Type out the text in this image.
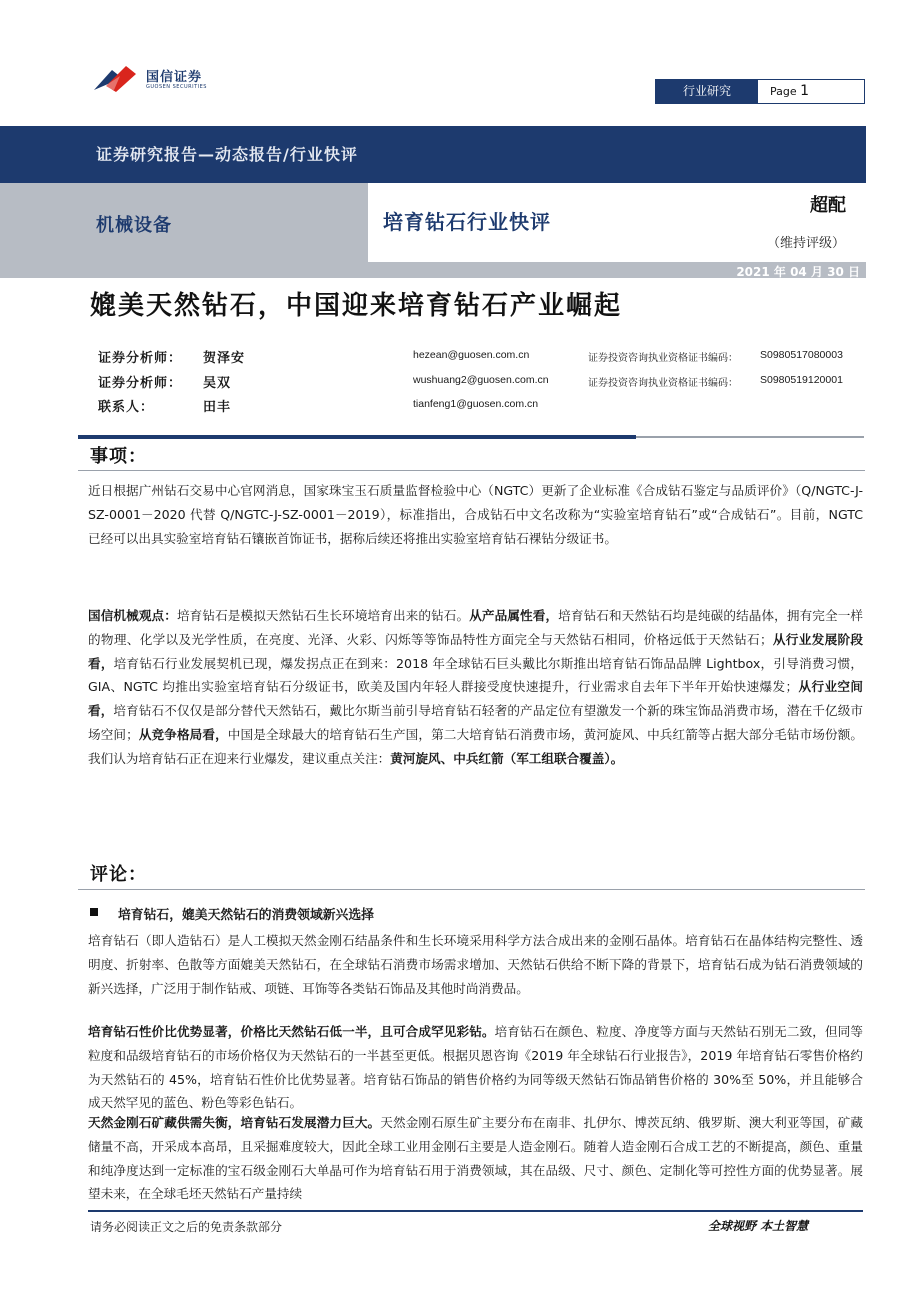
国信证券
GUOSEN SECURITIES	行业研究	Page 1
证券研究报告—动态报告/行业快评
机械设备	培育钻石行业快评
超配
（维持评级）
2021 年 04 月 30 日
媲美天然钻石，中国迎来培育钻石产业崛起
证券分析师： 贺泽安	hezean@guosen.com.cn	证券投资咨询执业资格证书编码： S0980517080003
证券分析师： 吴双	wushuang2@guosen.com.cn	证券投资咨询执业资格证书编码： S0980519120001
联系人：	田丰	tianfeng1@guosen.com.cn
事项：
近日根据广州钻石交易中心官网消息，国家珠宝玉石质量监督检验中心（NGTC）更新了企业标准《合成钻石鉴定与品质评价》（Q/NGTC-J-SZ-0001－2020 代替 Q/NGTC-J-SZ-0001－2019），标准指出，合成钻石中文名改称为“实验室培育钻石”或“合成钻石”。目前，NGTC 已经可以出具实验室培育钻石镶嵌首饰证书，据称后续还将推出实验室培育钻石裸钻分级证书。
国信机械观点：培育钻石是模拟天然钻石生长环境培育出来的钻石。从产品属性看，培育钻石和天然钻石均是纯碳的结晶体，拥有完全一样的物理、化学以及光学性质，在亮度、光泽、火彩、闪烁等等饰品特性方面完全与天然钻石相同，价格远低于天然钻石；从行业发展阶段看，培育钻石行业发展契机已现，爆发拐点正在到来：2018 年全球钻石巨头戴比尔斯推出培育钻石饰品品牌 Lightbox，引导消费习惯，GIA、NGTC 均推出实验室培育钻石分级证书，欧美及国内年轻人群接受度快速提升，行业需求自去年下半年开始快速爆发；从行业空间看，培育钻石不仅仅是部分替代天然钻石，戴比尔斯当前引导培育钻石轻奢的产品定位有望激发一个新的珠宝饰品消费市场，潜在千亿级市场空间；从竞争格局看，中国是全球最大的培育钻石生产国，第二大培育钻石消费市场，黄河旋风、中兵红箭等占据大部分毛钻市场份额。我们认为培育钻石正在迎来行业爆发，建议重点关注：黄河旋风、中兵红箭（军工组联合覆盖）。
评论：
培育钻石，媲美天然钻石的消费领域新兴选择
培育钻石（即人造钻石）是人工模拟天然金刚石结晶条件和生长环境采用科学方法合成出来的金刚石晶体。培育钻石在晶体结构完整性、透明度、折射率、色散等方面媲美天然钻石，在全球钻石消费市场需求增加、天然钻石供给不断下降的背景下，培育钻石成为钻石消费领域的新兴选择，广泛用于制作钻戒、项链、耳饰等各类钻石饰品及其他时尚消费品。
培育钻石性价比优势显著，价格比天然钻石低一半，且可合成罕见彩钻。培育钻石在颜色、粒度、净度等方面与天然钻石别无二致，但同等粒度和品级培育钻石的市场价格仅为天然钻石的一半甚至更低。根据贝恩咨询《2019 年全球钻石行业报告》，2019 年培育钻石零售价格约为天然钻石的 45%，培育钻石性价比优势显著。培育钻石饰品的销售价格约为同等级天然钻石饰品销售价格的 30%至 50%，并且能够合成天然罕见的蓝色、粉色等彩色钻石。
天然金刚石矿藏供需失衡，培育钻石发展潜力巨大。天然金刚石原生矿主要分布在南非、扎伊尔、博茨瓦纳、俄罗斯、澳大利亚等国，矿藏储量不高，开采成本高昂，且采掘难度较大，因此全球工业用金刚石主要是人造金刚石。随着人造金刚石合成工艺的不断提高，颜色、重量和纯净度达到一定标准的宝石级金刚石大单晶可作为培育钻石用于消费领域，其在品级、尺寸、颜色、定制化等可控性方面的优势显著。展望未来，在全球毛坯天然钻石产量持续
请务必阅读正文之后的免责条款部分	全球视野 本土智慧
